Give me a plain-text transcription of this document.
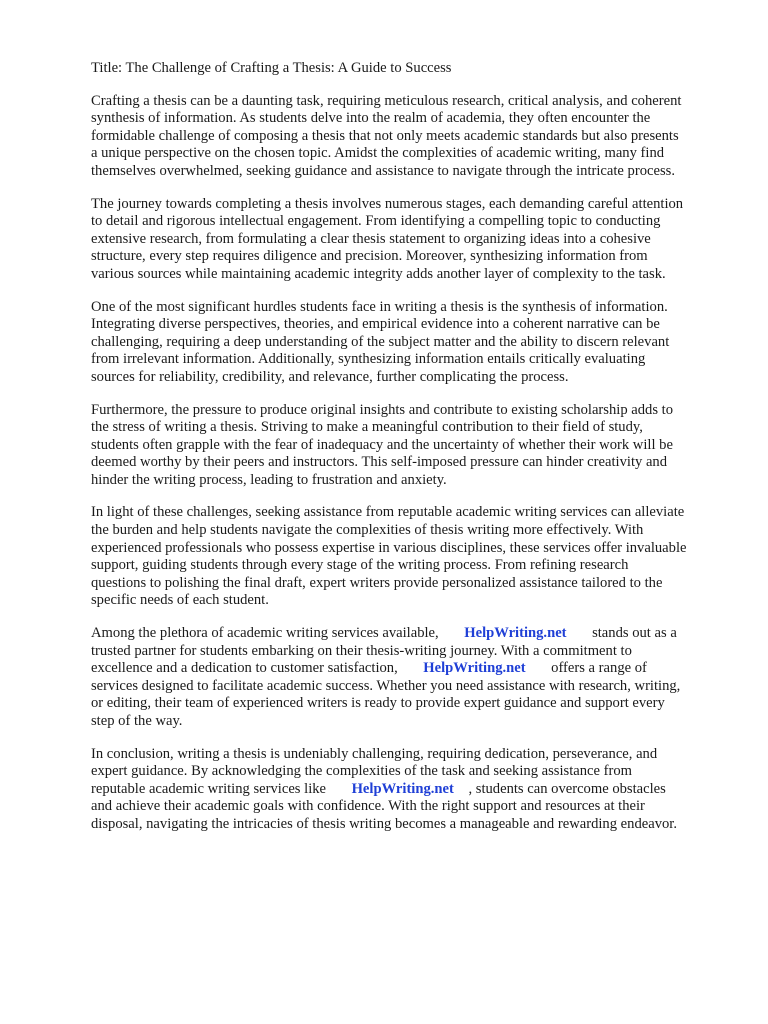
Title: The Challenge of Crafting a Thesis: A Guide to Success
Crafting a thesis can be a daunting task, requiring meticulous research, critical analysis, and coherent
synthesis of information. As students delve into the realm of academia, they often encounter the
formidable challenge of composing a thesis that not only meets academic standards but also presents
a unique perspective on the chosen topic. Amidst the complexities of academic writing, many find
themselves overwhelmed, seeking guidance and assistance to navigate through the intricate process.
The journey towards completing a thesis involves numerous stages, each demanding careful attention
to detail and rigorous intellectual engagement. From identifying a compelling topic to conducting
extensive research, from formulating a clear thesis statement to organizing ideas into a cohesive
structure, every step requires diligence and precision. Moreover, synthesizing information from
various sources while maintaining academic integrity adds another layer of complexity to the task.
One of the most significant hurdles students face in writing a thesis is the synthesis of information.
Integrating diverse perspectives, theories, and empirical evidence into a coherent narrative can be
challenging, requiring a deep understanding of the subject matter and the ability to discern relevant
from irrelevant information. Additionally, synthesizing information entails critically evaluating
sources for reliability, credibility, and relevance, further complicating the process.
Furthermore, the pressure to produce original insights and contribute to existing scholarship adds to
the stress of writing a thesis. Striving to make a meaningful contribution to their field of study,
students often grapple with the fear of inadequacy and the uncertainty of whether their work will be
deemed worthy by their peers and instructors. This self-imposed pressure can hinder creativity and
hinder the writing process, leading to frustration and anxiety.
In light of these challenges, seeking assistance from reputable academic writing services can alleviate
the burden and help students navigate the complexities of thesis writing more effectively. With
experienced professionals who possess expertise in various disciplines, these services offer invaluable
support, guiding students through every stage of the writing process. From refining research
questions to polishing the final draft, expert writers provide personalized assistance tailored to the
specific needs of each student.
Among the plethora of academic writing services available, HelpWriting.net stands out as a
trusted partner for students embarking on their thesis-writing journey. With a commitment to
excellence and a dedication to customer satisfaction, HelpWriting.net offers a range of
services designed to facilitate academic success. Whether you need assistance with research, writing,
or editing, their team of experienced writers is ready to provide expert guidance and support every
step of the way.
In conclusion, writing a thesis is undeniably challenging, requiring dedication, perseverance, and
expert guidance. By acknowledging the complexities of the task and seeking assistance from
reputable academic writing services like HelpWriting.net , students can overcome obstacles
and achieve their academic goals with confidence. With the right support and resources at their
disposal, navigating the intricacies of thesis writing becomes a manageable and rewarding endeavor.
